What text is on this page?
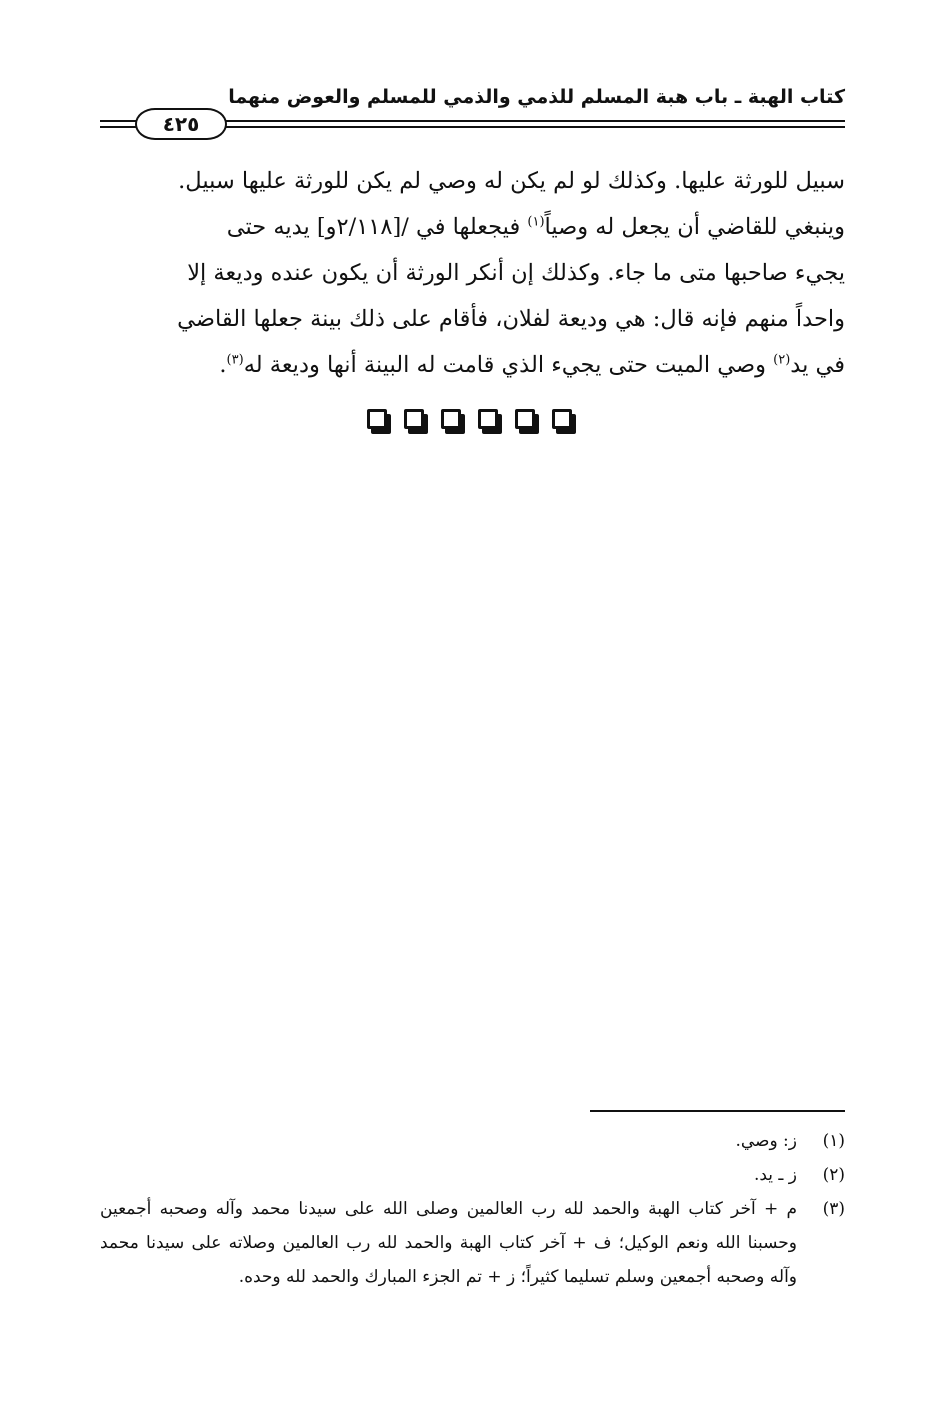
كتاب الهبة ـ باب هبة المسلم للذمي والذمي للمسلم والعوض منهما
٤٢٥

سبيل للورثة عليها. وكذلك لو لم يكن له وصي لم يكن للورثة عليها سبيل.

وينبغي للقاضي أن يجعل له وصياً$^{(١)}$ فيجعلها في /[٢/١١٨و] يديه حتى

يجيء صاحبها متى ما جاء. وكذلك إن أنكر الورثة أن يكون عنده وديعة إلا

واحداً منهم فإنه قال: هي وديعة لفلان، فأقام على ذلك بينة جعلها القاضي

في يد$^{(٢)}$ وصي الميت حتى يجيء الذي قامت له البينة أنها وديعة له$^{(٣)}$.

(١)
ز: وصي.
(٢)
ز ـ يد.
(٣)
م + آخر كتاب الهبة والحمد لله رب العالمين وصلى الله على سيدنا محمد وآله وصحبه أجمعين وحسبنا الله ونعم الوكيل؛ ف + آخر كتاب الهبة والحمد لله رب العالمين وصلاته على سيدنا محمد وآله وصحبه أجمعين وسلم تسليما كثيراً؛ ز + تم الجزء المبارك والحمد لله وحده.
